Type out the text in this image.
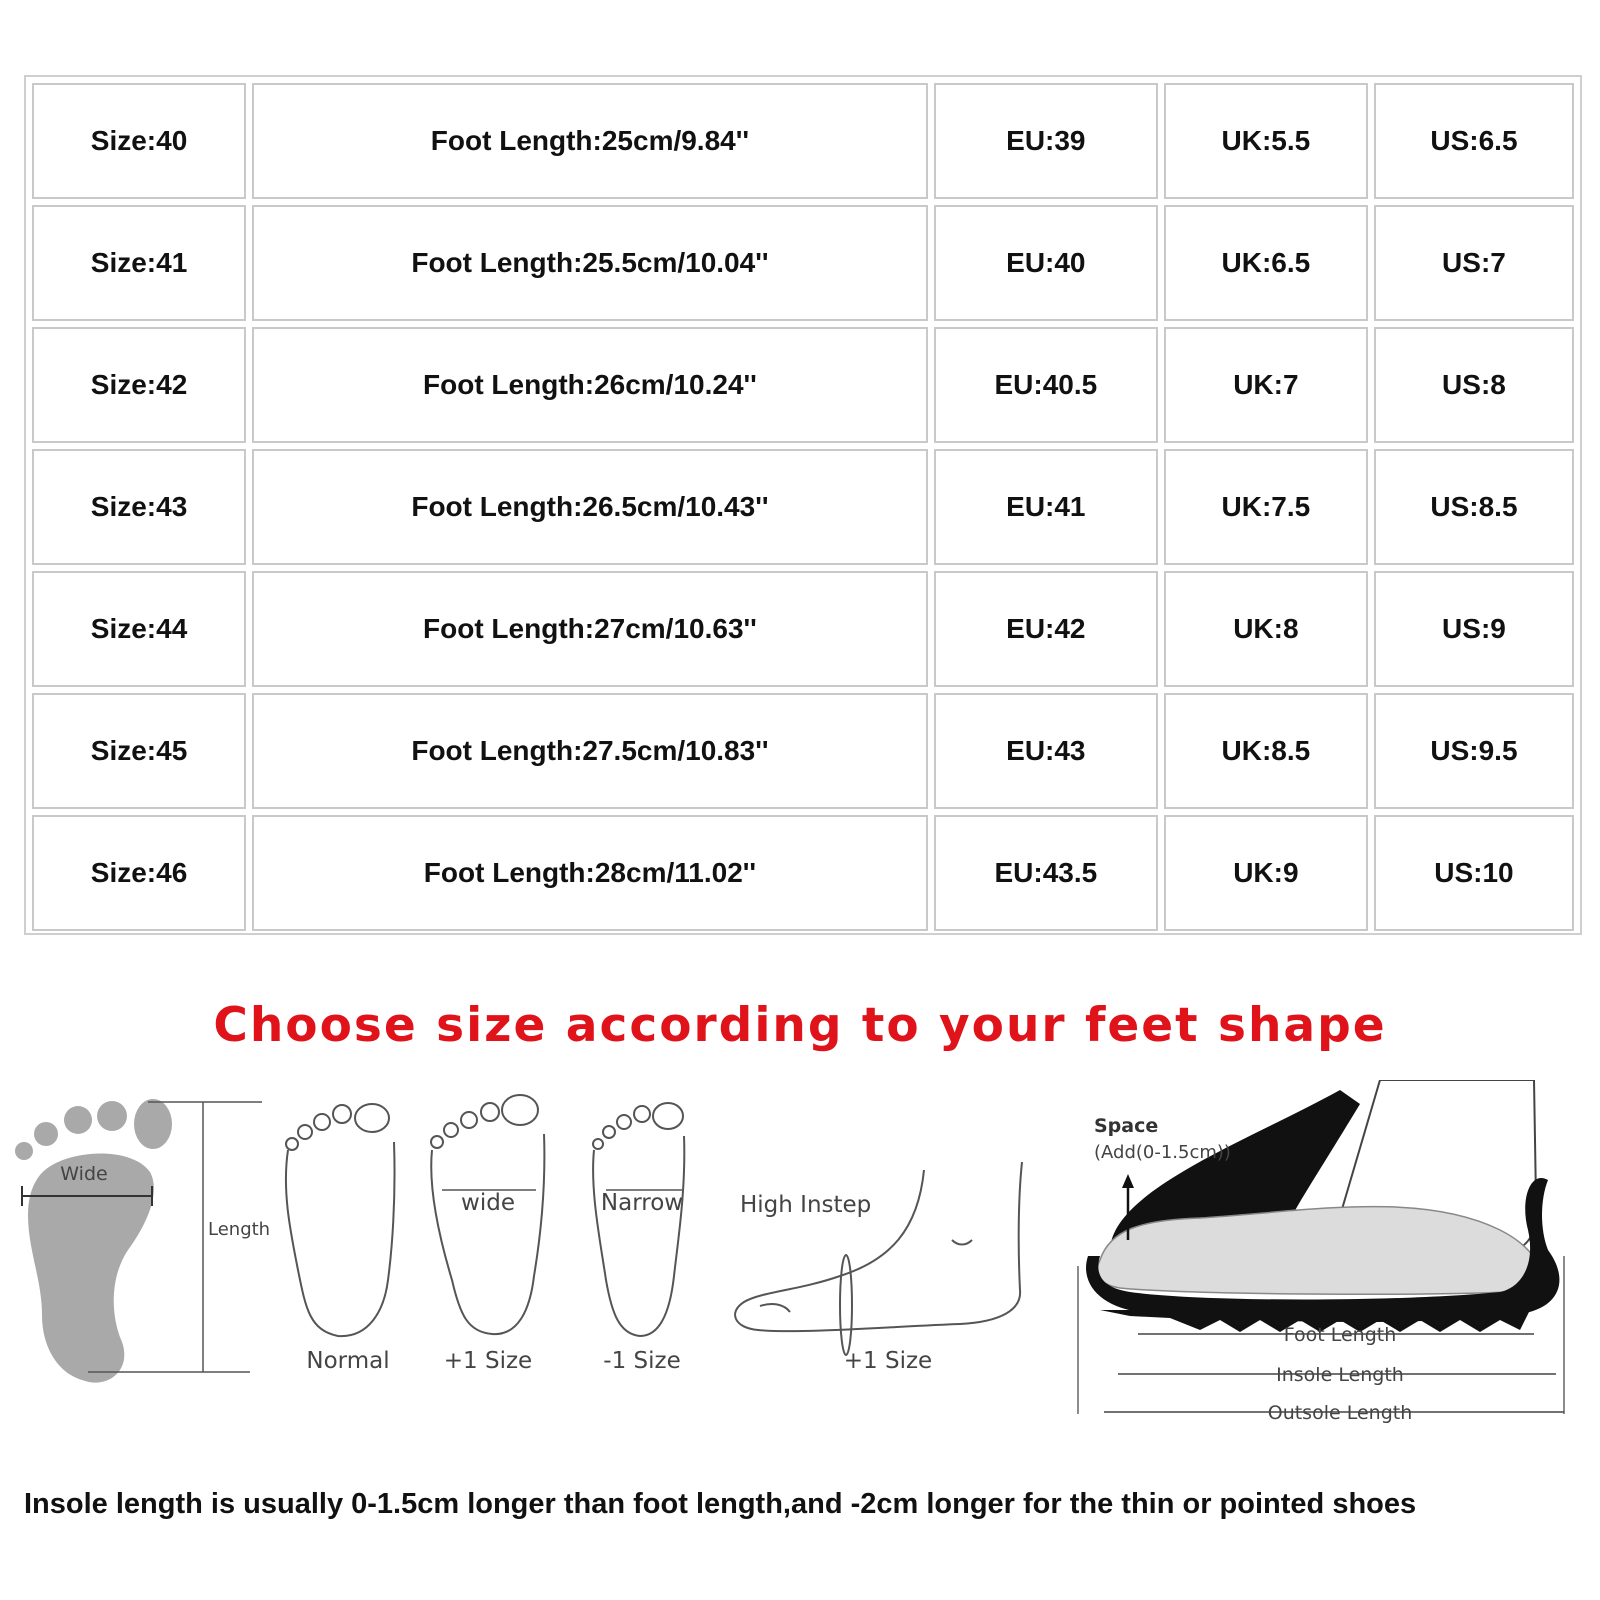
Size:40	Foot Length:25cm/9.84''	EU:39	UK:5.5	US:6.5
Size:41	Foot Length:25.5cm/10.04''	EU:40	UK:6.5	US:7
Size:42	Foot Length:26cm/10.24''	EU:40.5	UK:7	US:8
Size:43	Foot Length:26.5cm/10.43''	EU:41	UK:7.5	US:8.5
Size:44	Foot Length:27cm/10.63''	EU:42	UK:8	US:9
Size:45	Foot Length:27.5cm/10.83''	EU:43	UK:8.5	US:9.5
Size:46	Foot Length:28cm/11.02''	EU:43.5	UK:9	US:10
Choose size according to your feet shape
Wide
Length
Normal
wide
+1 Size
Narrow
-1 Size
High Instep
+1 Size
Space
(Add(0-1.5cm))
Foot Length
Insole Length
Outsole Length
Insole length is usually 0-1.5cm longer than foot length,and -2cm longer for the thin or pointed shoes
